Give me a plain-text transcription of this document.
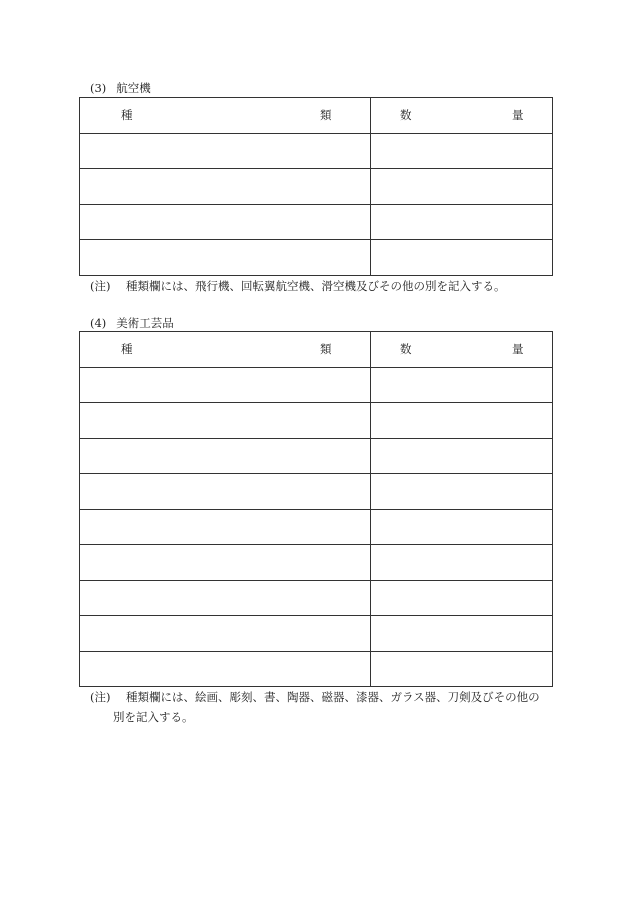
(3) 航空機
種 類	数 量

(注) 種類欄には、飛行機、回転翼航空機、滑空機及びその他の別を記入する。
(4) 美術工芸品
種 類	数 量

(注) 種類欄には、絵画、彫刻、書、陶器、磁器、漆器、ガラス器、刀剣及びその他の
別を記入する。
